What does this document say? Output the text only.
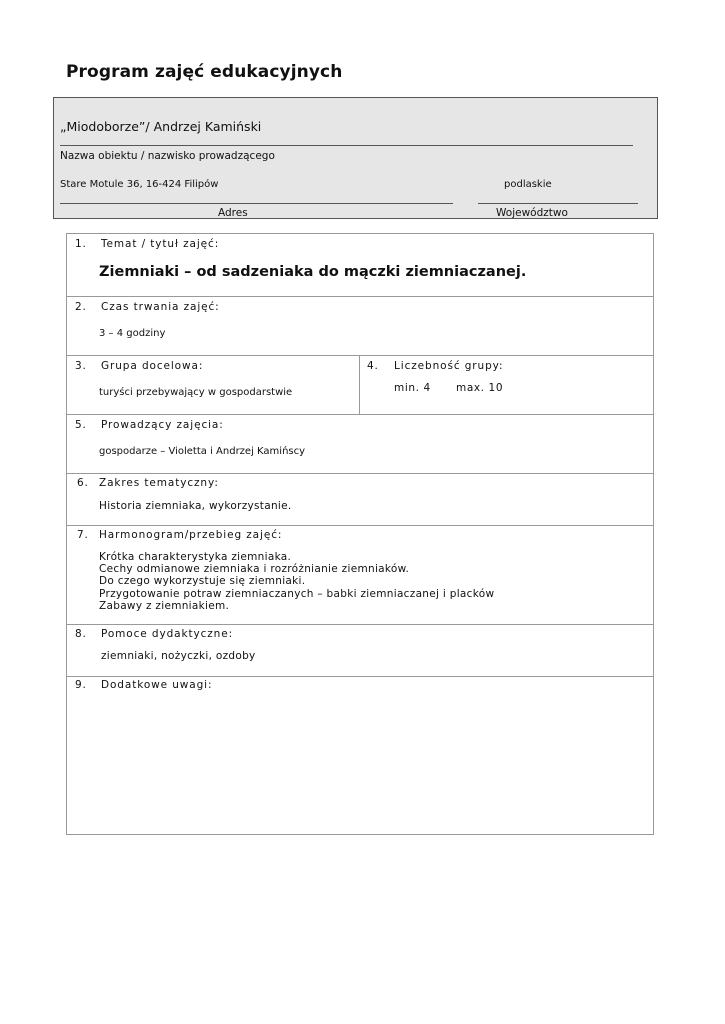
Program zajęć edukacyjnych
„Miodoborze”/ Andrzej Kamiński
Nazwa obiektu / nazwisko prowadzącego
Stare Motule 36, 16-424 Filipów	podlaskie
Adres	Województwo
1. Temat / tytuł zajęć:
Ziemniaki – od sadzeniaka do mączki ziemniaczanej.
2. Czas trwania zajęć:
3 – 4 godziny
3. Grupa docelowa:
turyści przebywający w gospodarstwie
4. Liczebność grupy:
min. 4 max. 10
5. Prowadzący zajęcia:
gospodarze – Violetta i Andrzej Kamińscy
6. Zakres tematyczny:
Historia ziemniaka, wykorzystanie.
7. Harmonogram/przebieg zajęć:
Krótka charakterystyka ziemniaka.
Cechy odmianowe ziemniaka i rozróżnianie ziemniaków.
Do czego wykorzystuje się ziemniaki.
Przygotowanie potraw ziemniaczanych – babki ziemniaczanej i placków
Zabawy z ziemniakiem.
8. Pomoce dydaktyczne:
ziemniaki, nożyczki, ozdoby
9. Dodatkowe uwagi:
